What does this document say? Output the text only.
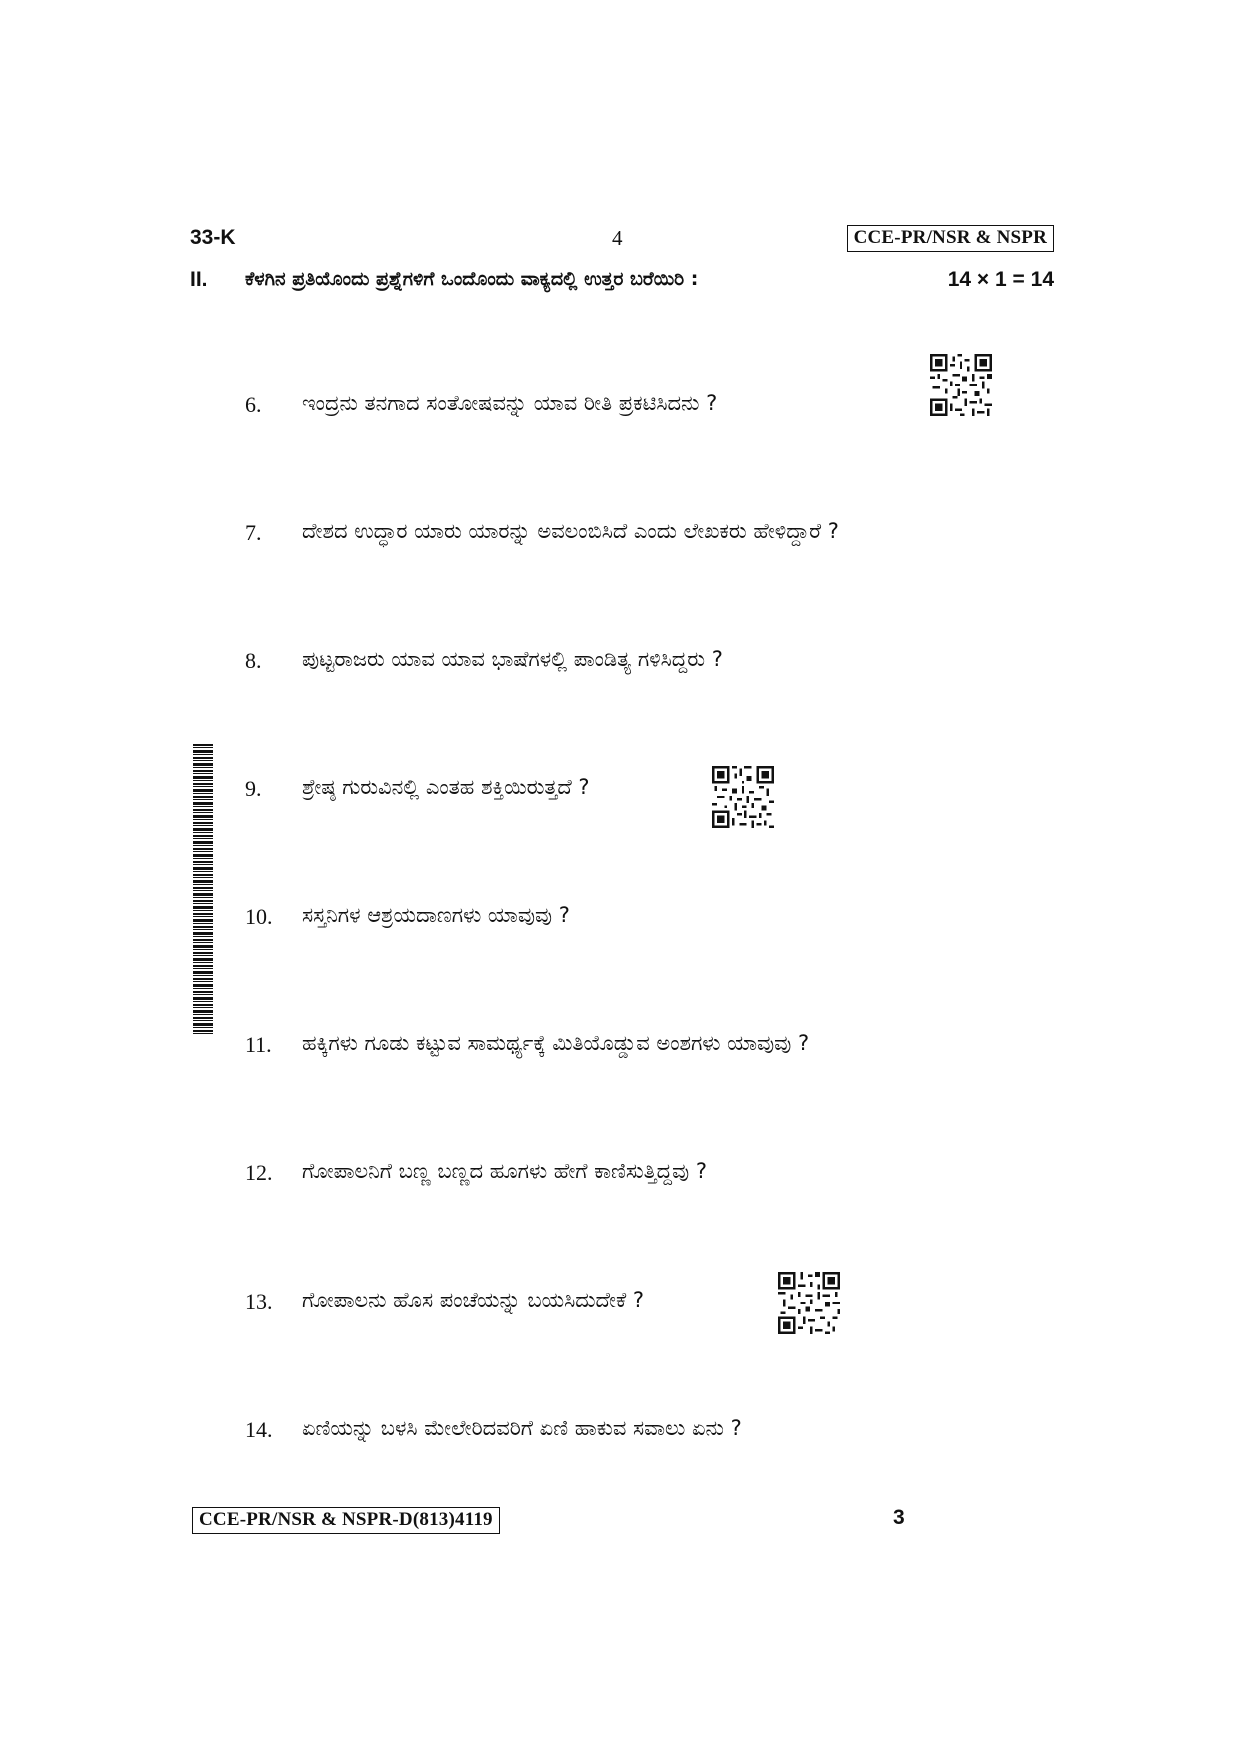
33-K	4	CCE-PR/NSR & NSPR
II. ಕೆಳಗಿನ ಪ್ರತಿಯೊಂದು ಪ್ರಶ್ನೆಗಳಿಗೆ ಒಂದೊಂದು ವಾಕ್ಯದಲ್ಲಿ ಉತ್ತರ ಬರೆಯಿರಿ :	14 × 1 = 14
6. ಇಂದ್ರನು ತನಗಾದ ಸಂತೋಷವನ್ನು ಯಾವ ರೀತಿ ಪ್ರಕಟಿಸಿದನು ?
7. ದೇಶದ ಉದ್ಧಾರ ಯಾರು ಯಾರನ್ನು ಅವಲಂಬಿಸಿದೆ ಎಂದು ಲೇಖಕರು ಹೇಳಿದ್ದಾರೆ ?
8. ಪುಟ್ಟರಾಜರು ಯಾವ ಯಾವ ಭಾಷೆಗಳಲ್ಲಿ ಪಾಂಡಿತ್ಯ ಗಳಿಸಿದ್ದರು ?
9. ಶ್ರೇಷ್ಠ ಗುರುವಿನಲ್ಲಿ ಎಂತಹ ಶಕ್ತಿಯಿರುತ್ತದೆ ?
10. ಸಸ್ತನಿಗಳ ಆಶ್ರಯದಾಣಗಳು ಯಾವುವು ?
11. ಹಕ್ಕಿಗಳು ಗೂಡು ಕಟ್ಟುವ ಸಾಮರ್ಥ್ಯಕ್ಕೆ ಮಿತಿಯೊಡ್ಡುವ ಅಂಶಗಳು ಯಾವುವು ?
12. ಗೋಪಾಲನಿಗೆ ಬಣ್ಣ ಬಣ್ಣದ ಹೂಗಳು ಹೇಗೆ ಕಾಣಿಸುತ್ತಿದ್ದವು ?
13. ಗೋಪಾಲನು ಹೊಸ ಪಂಚೆಯನ್ನು ಬಯಸಿದುದೇಕೆ ?
14. ಏಣಿಯನ್ನು ಬಳಸಿ ಮೇಲೇರಿದವರಿಗೆ ಏಣಿ ಹಾಕುವ ಸವಾಲು ಏನು ?
CCE-PR/NSR & NSPR-D(813)4119	3
